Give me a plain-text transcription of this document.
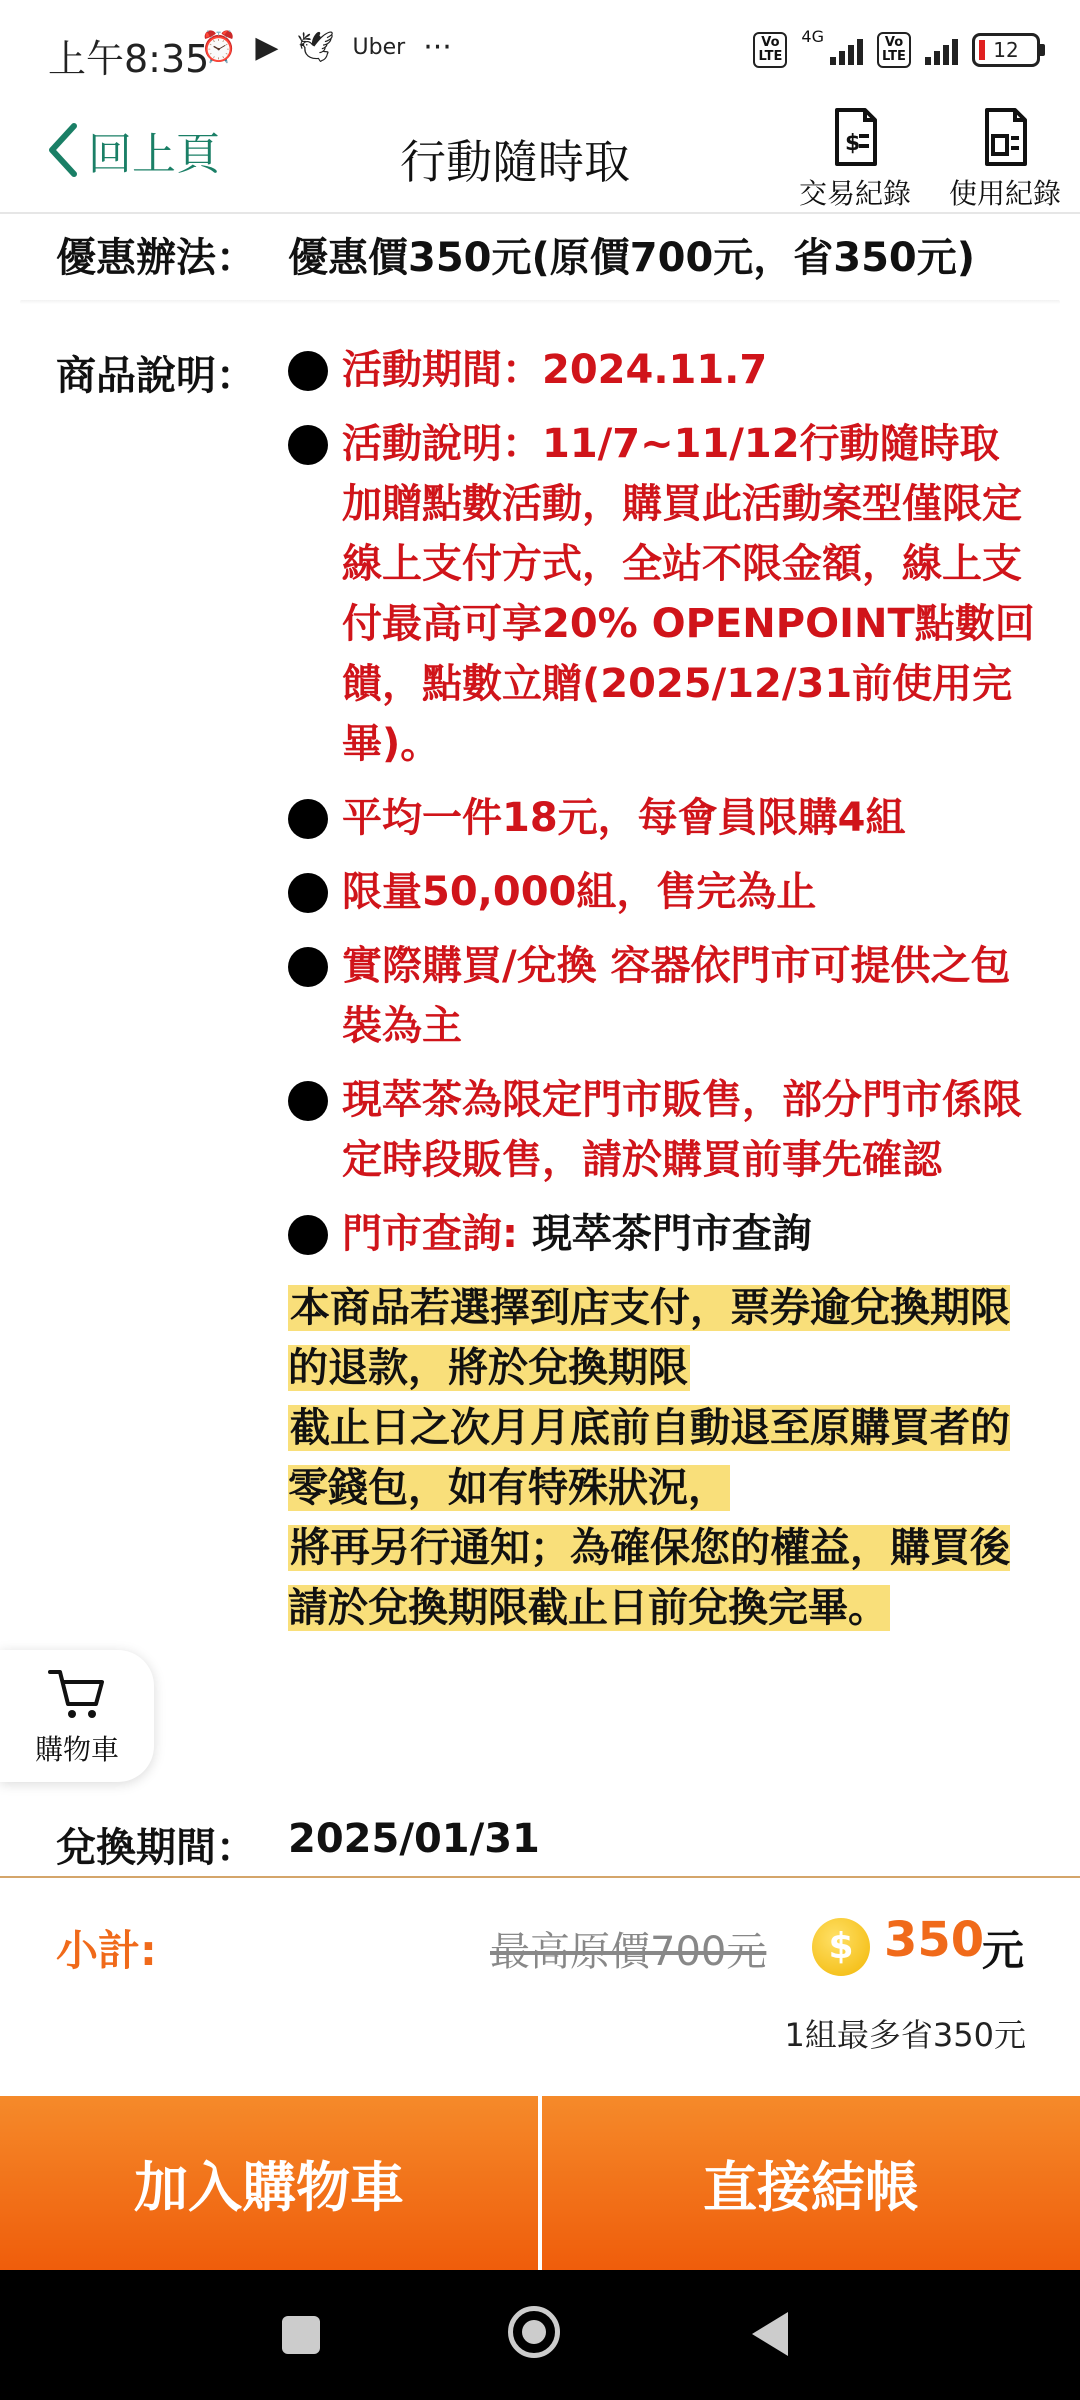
上午8:35
⏰ ▶ 🕊 Uber ···	Vo LTE
4G	Vo LTE	12
回上頁	行動隨時取	$
交易紀錄	使用紀錄
優惠辦法： 優惠價350元(原價700元，省350元)
商品說明： 活動期間：2024.11.7
活動說明：11/7~11/12行動隨時取加贈點數活動，購買此活動案型僅限定線上支付方式，全站不限金額，線上支付最高可享20% OPENPOINT點數回饋，點數立贈(2025/12/31前使用完畢)。
平均一件18元，每會員限購4組
限量50,000組，售完為止
實際購買/兌換 容器依門市可提供之包裝為主
現萃茶為限定門市販售，部分門市係限定時段販售，請於購買前事先確認
門市查詢: 現萃茶門市查詢
本商品若選擇到店支付，票券逾兌換期限的退款，將於兌換期限
截止日之次月月底前自動退至原購買者的零錢包，如有特殊狀況，
將再另行通知；為確保您的權益，購買後請於兌換期限截止日前兌換完畢。
購物車
兌換期間： 2025/01/31
小計:	最高原價700元	$ 350
元
1組最多省350元
加入購物車	直接結帳
